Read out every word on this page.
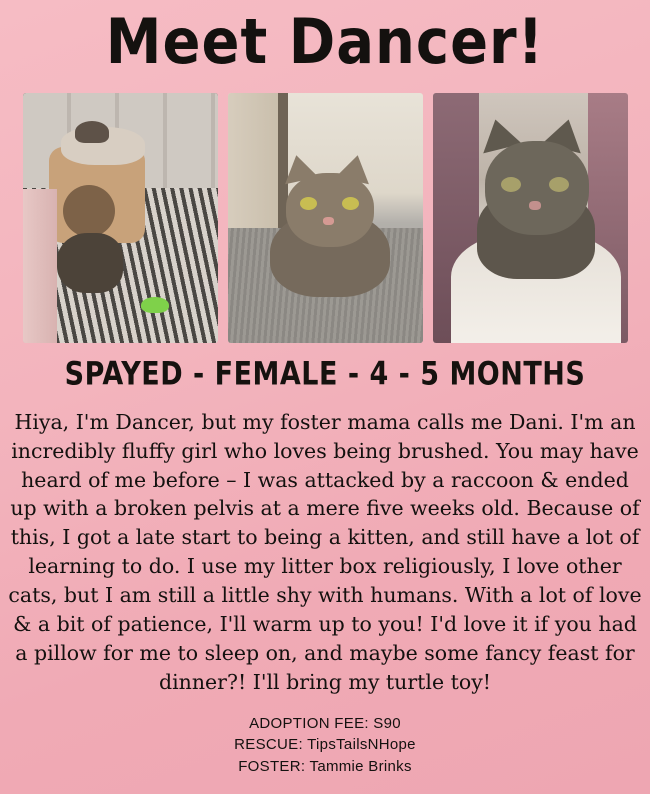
Meet Dancer!
SPAYED - FEMALE - 4 - 5 MONTHS
Hiya, I'm Dancer, but my foster mama calls me Dani. I'm an incredibly fluffy girl who loves being brushed. You may have heard of me before – I was attacked by a raccoon & ended up with a broken pelvis at a mere five weeks old. Because of this, I got a late start to being a kitten, and still have a lot of learning to do. I use my litter box religiously, I love other cats, but I am still a little shy with humans. With a lot of love & a bit of patience, I'll warm up to you! I'd love it if you had a pillow for me to sleep on, and maybe some fancy feast for dinner?! I'll bring my turtle toy!
ADOPTION FEE: S90
RESCUE: TipsTailsNHope
FOSTER: Tammie Brinks
